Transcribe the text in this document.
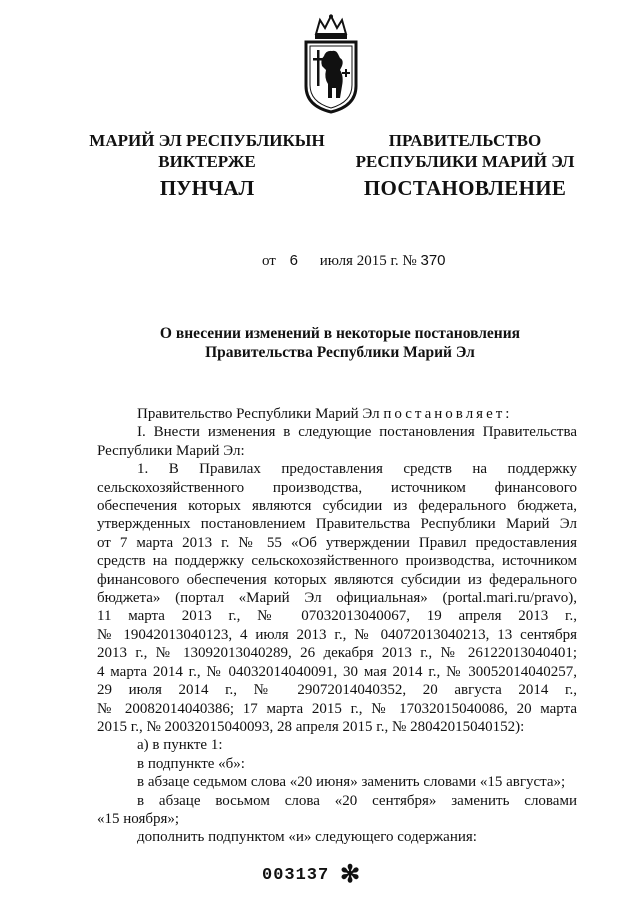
МАРИЙ ЭЛ РЕСПУБЛИКЫН
ВИКТЕРЖЕ
ПРАВИТЕЛЬСТВО
РЕСПУБЛИКИ МАРИЙ ЭЛ
ПУНЧАЛ	ПОСТАНОВЛЕНИЕ
от 6 июля 2015 г. № 370
О внесении изменений в некоторые постановления
Правительства Республики Марий Эл

Правительство Республики Марий Эл постановляет:

I. Внести изменения в следующие постановления Правительства

Республики Марий Эл:

1. В Правилах предоставления средств на поддержку

сельскохозяйственного производства, источником финансового

обеспечения которых являются субсидии из федерального бюджета,

утвержденных постановлением Правительства Республики Марий Эл

от 7 марта 2013 г. № 55 «Об утверждении Правил предоставления

средств на поддержку сельскохозяйственного производства, источником

финансового обеспечения которых являются субсидии из федерального

бюджета» (портал «Марий Эл официальная» (portal.mari.ru/pravo),

11 марта 2013 г., № 07032013040067, 19 апреля 2013 г.,

№ 19042013040123, 4 июля 2013 г., № 04072013040213, 13 сентября

2013 г., № 13092013040289, 26 декабря 2013 г., № 26122013040401;

4 марта 2014 г., № 04032014040091, 30 мая 2014 г., № 30052014040257,

29 июля 2014 г., № 29072014040352, 20 августа 2014 г.,

№ 20082014040386; 17 марта 2015 г., № 17032015040086, 20 марта

2015 г., № 20032015040093, 28 апреля 2015 г., № 28042015040152):

а) в пункте 1:

в подпункте «б»:

в абзаце седьмом слова «20 июня» заменить словами «15 августа»;

в абзаце восьмом слова «20 сентября» заменить словами

«15 ноября»;

дополнить подпунктом «и» следующего содержания:

003137 ✻
